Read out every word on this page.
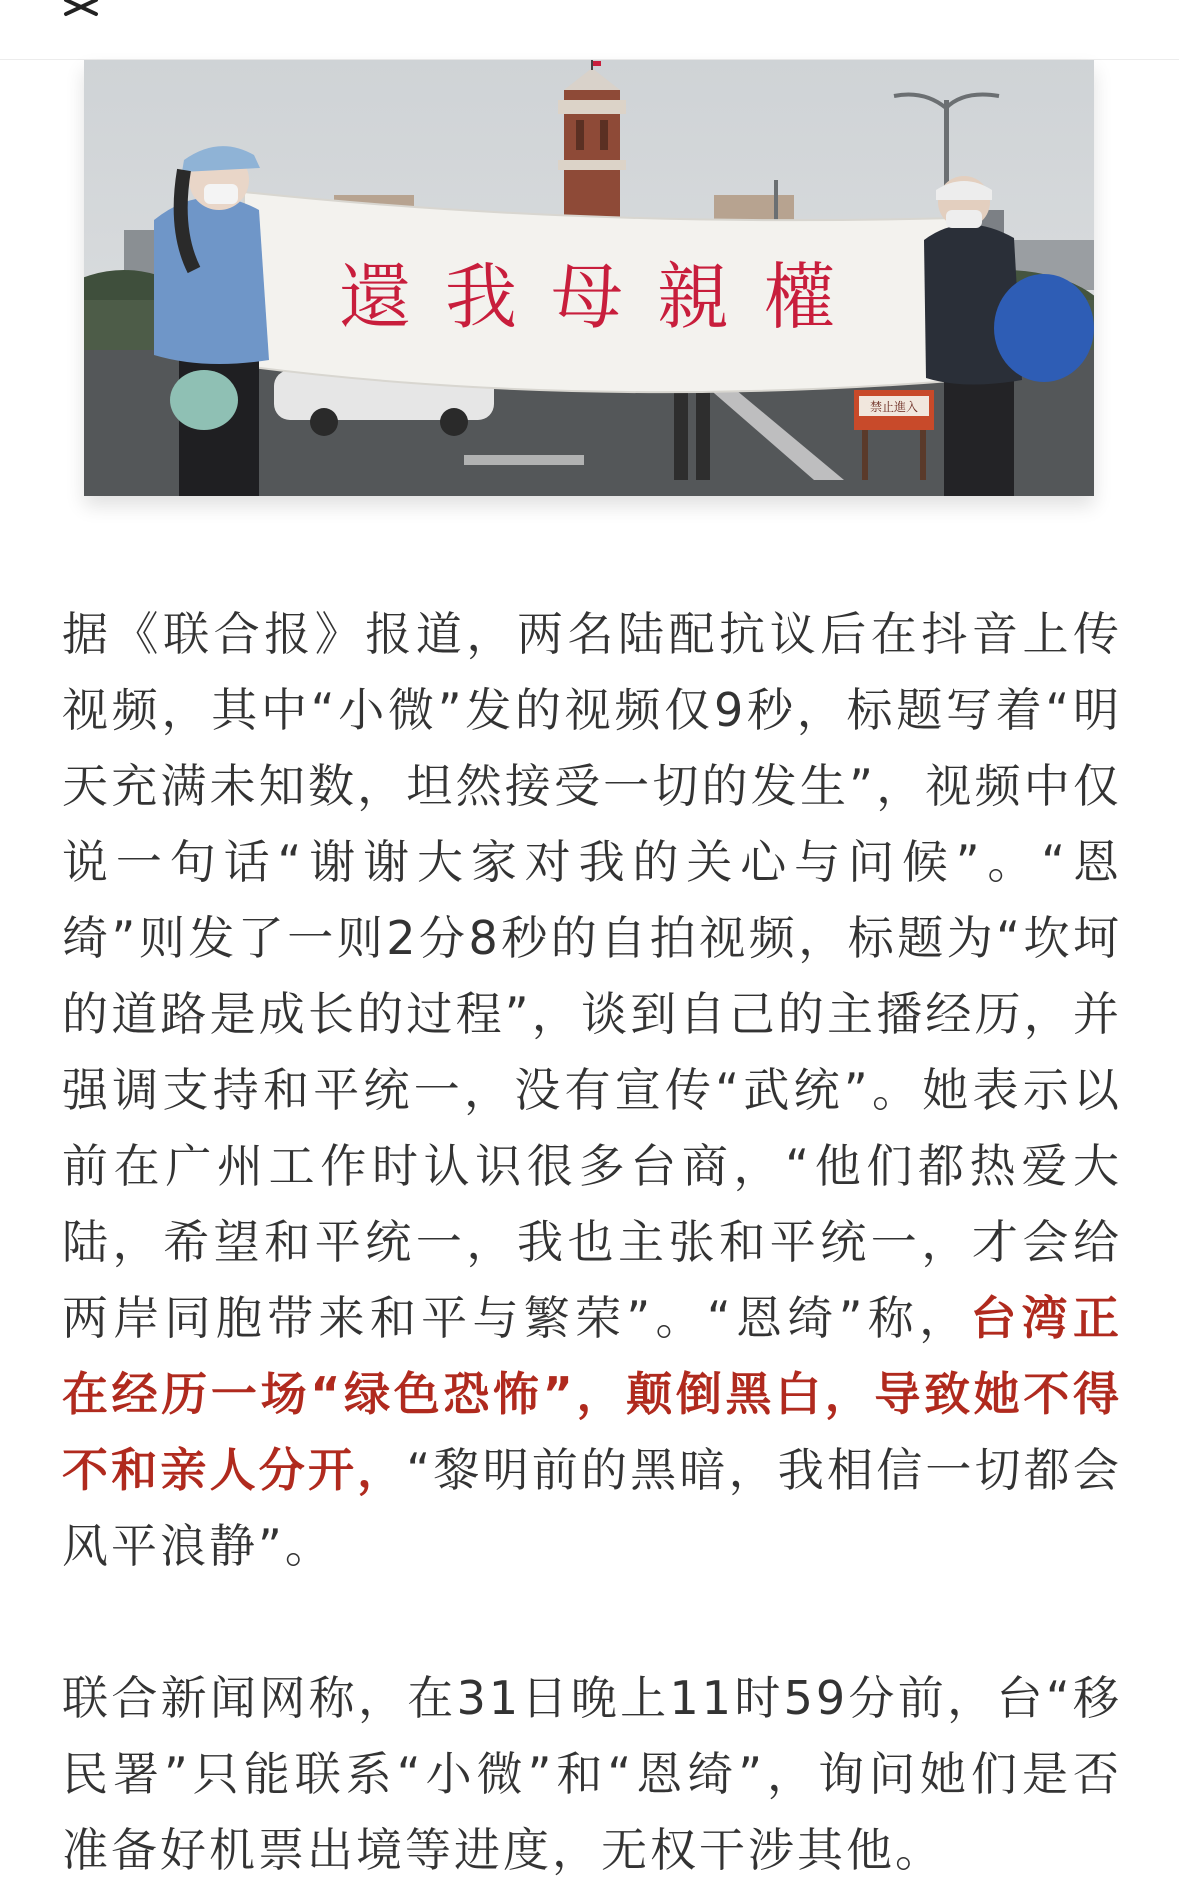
禁止進入
還我母親權

据《联合报》报道，两名陆配抗议后在抖音上传视频，其中“小微”发的视频仅9秒，标题写着“明天充满未知数，坦然接受一切的发生”，视频中仅说一句话“谢谢大家对我的关心与问候”。“恩绮”则发了一则2分8秒的自拍视频，标题为“坎坷的道路是成长的过程”，谈到自己的主播经历，并强调支持和平统一，没有宣传“武统”。她表示以前在广州工作时认识很多台商，“他们都热爱大陆，希望和平统一，我也主张和平统一，才会给两岸同胞带来和平与繁荣”。“恩绮”称，台湾正在经历一场“绿色恐怖”，颠倒黑白，导致她不得不和亲人分开，“黎明前的黑暗，我相信一切都会风平浪静”。

联合新闻网称，在31日晚上11时59分前，台“移民署”只能联系“小微”和“恩绮”，询问她们是否准备好机票出境等进度，无权干涉其他。
